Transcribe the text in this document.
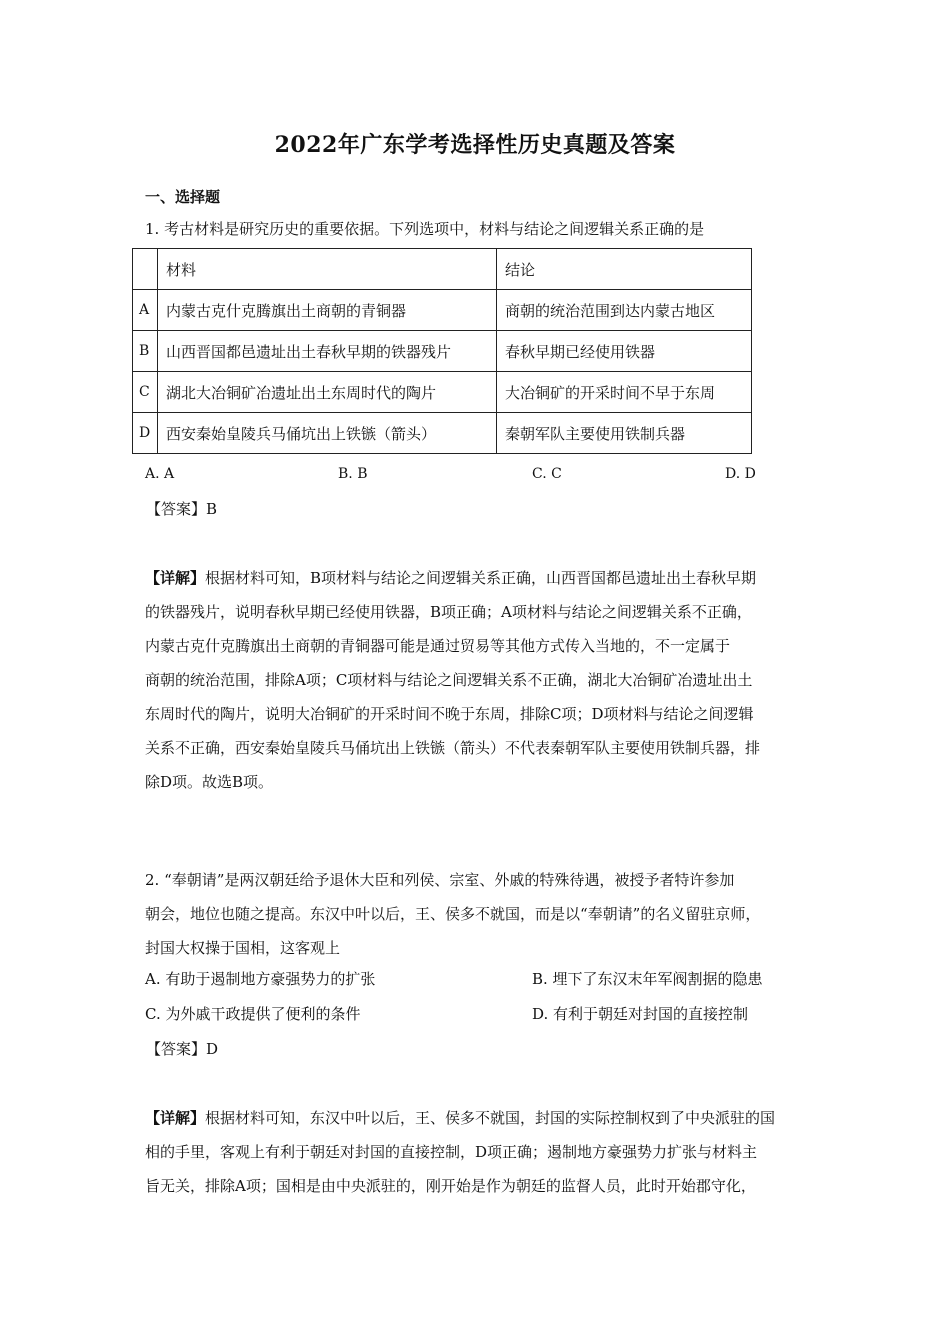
2022年广东学考选择性历史真题及答案
一、选择题
1. 考古材料是研究历史的重要依据。下列选项中，材料与结论之间逻辑关系正确的是
	材料	结论
A	内蒙古克什克腾旗出土商朝的青铜器	商朝的统治范围到达内蒙古地区
B	山西晋国都邑遗址出土春秋早期的铁器残片	春秋早期已经使用铁器
C	湖北大冶铜矿冶遗址出土东周时代的陶片	大冶铜矿的开采时间不早于东周
D	西安秦始皇陵兵马俑坑出上铁镞（箭头）	秦朝军队主要使用铁制兵器
A. A	B. B	C. C	D. D
【答案】B
【详解】根据材料可知，B项材料与结论之间逻辑关系正确，山西晋国都邑遗址出土春秋早期
的铁器残片，说明春秋早期已经使用铁器，B项正确；A项材料与结论之间逻辑关系不正确，
内蒙古克什克腾旗出土商朝的青铜器可能是通过贸易等其他方式传入当地的，不一定属于
商朝的统治范围，排除A项；C项材料与结论之间逻辑关系不正确，湖北大冶铜矿冶遗址出土
东周时代的陶片，说明大冶铜矿的开采时间不晚于东周，排除C项；D项材料与结论之间逻辑
关系不正确，西安秦始皇陵兵马俑坑出上铁镞（箭头）不代表秦朝军队主要使用铁制兵器，排
除D项。故选B项。
2. “奉朝请”是两汉朝廷给予退休大臣和列侯、宗室、外戚的特殊待遇，被授予者特许参加
朝会，地位也随之提高。东汉中叶以后，王、侯多不就国，而是以“奉朝请”的名义留驻京师，
封国大权操于国相，这客观上
A. 有助于遏制地方豪强势力的扩张	B. 埋下了东汉末年军阀割据的隐患
C. 为外戚干政提供了便利的条件	D. 有利于朝廷对封国的直接控制
【答案】D
【详解】根据材料可知，东汉中叶以后，王、侯多不就国，封国的实际控制权到了中央派驻的国
相的手里，客观上有利于朝廷对封国的直接控制，D项正确；遏制地方豪强势力扩张与材料主
旨无关，排除A项；国相是由中央派驻的，刚开始是作为朝廷的监督人员，此时开始郡守化，
